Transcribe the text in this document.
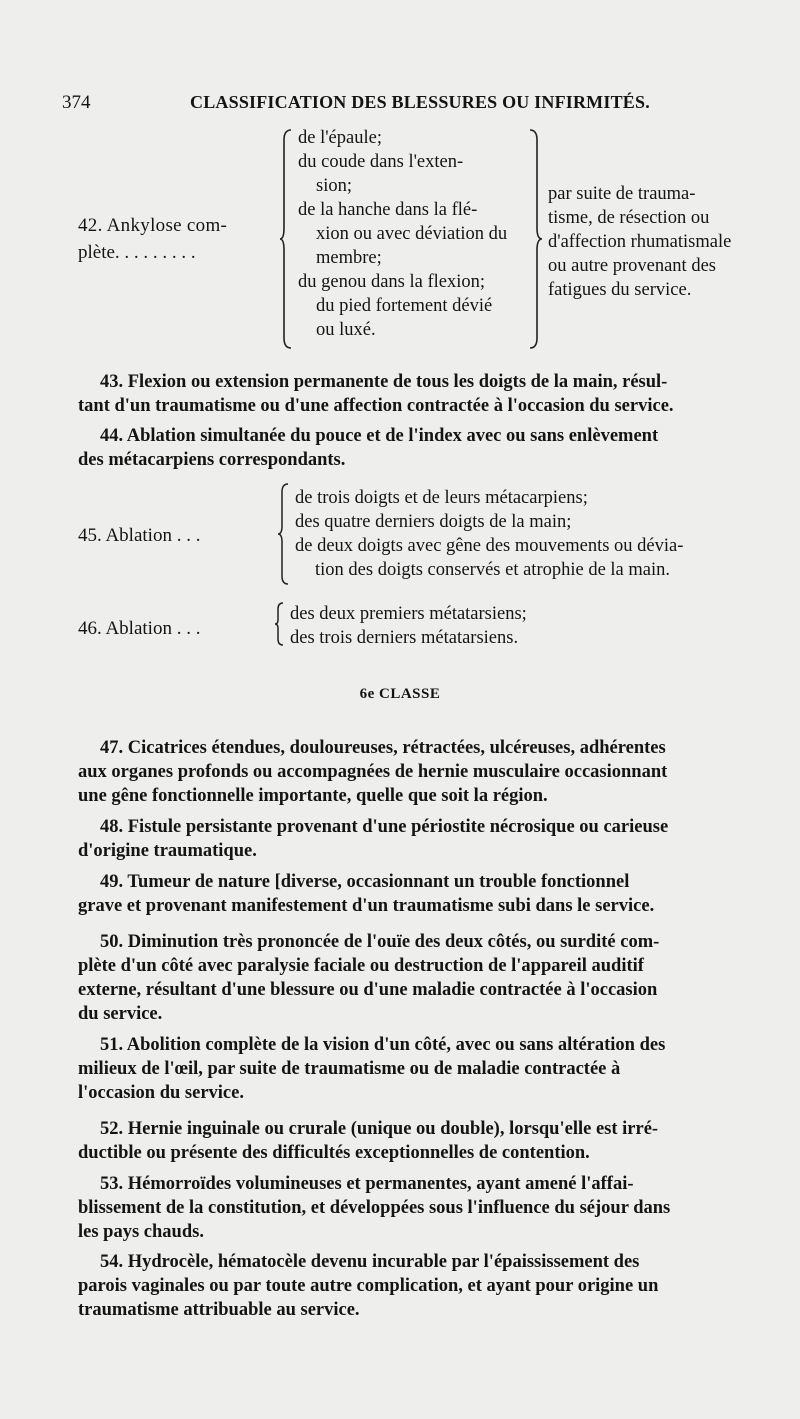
374	CLASSIFICATION DES BLESSURES OU INFIRMITÉS.
42. Ankylose com-
plète. . . . . . . . .
de l'épaule;
du coude dans l'exten-
sion;
de la hanche dans la flé-
xion ou avec déviation du
membre;
du genou dans la flexion;
du pied fortement dévié
ou luxé.
par suite de trauma-
tisme, de résection ou
d'affection rhumatismale
ou autre provenant des
fatigues du service.
43. Flexion ou extension permanente de tous les doigts de la main, résul-
tant d'un traumatisme ou d'une affection contractée à l'occasion du service.
44. Ablation simultanée du pouce et de l'index avec ou sans enlèvement
des métacarpiens correspondants.
45. Ablation . . .
de trois doigts et de leurs métacarpiens;
des quatre derniers doigts de la main;
de deux doigts avec gêne des mouvements ou dévia-
tion des doigts conservés et atrophie de la main.
46. Ablation . . .
des deux premiers métatarsiens;
des trois derniers métatarsiens.
6e CLASSE
47. Cicatrices étendues, douloureuses, rétractées, ulcéreuses, adhérentes
aux organes profonds ou accompagnées de hernie musculaire occasionnant
une gêne fonctionnelle importante, quelle que soit la région.
48. Fistule persistante provenant d'une périostite nécrosique ou carieuse
d'origine traumatique.
49. Tumeur de nature [diverse, occasionnant un trouble fonctionnel
grave et provenant manifestement d'un traumatisme subi dans le service.
50. Diminution très prononcée de l'ouïe des deux côtés, ou surdité com-
plète d'un côté avec paralysie faciale ou destruction de l'appareil auditif
externe, résultant d'une blessure ou d'une maladie contractée à l'occasion
du service.
51. Abolition complète de la vision d'un côté, avec ou sans altération des
milieux de l'œil, par suite de traumatisme ou de maladie contractée à
l'occasion du service.
52. Hernie inguinale ou crurale (unique ou double), lorsqu'elle est irré-
ductible ou présente des difficultés exceptionnelles de contention.
53. Hémorroïdes volumineuses et permanentes, ayant amené l'affai-
blissement de la constitution, et développées sous l'influence du séjour dans
les pays chauds.
54. Hydrocèle, hématocèle devenu incurable par l'épaississement des
parois vaginales ou par toute autre complication, et ayant pour origine un
traumatisme attribuable au service.
